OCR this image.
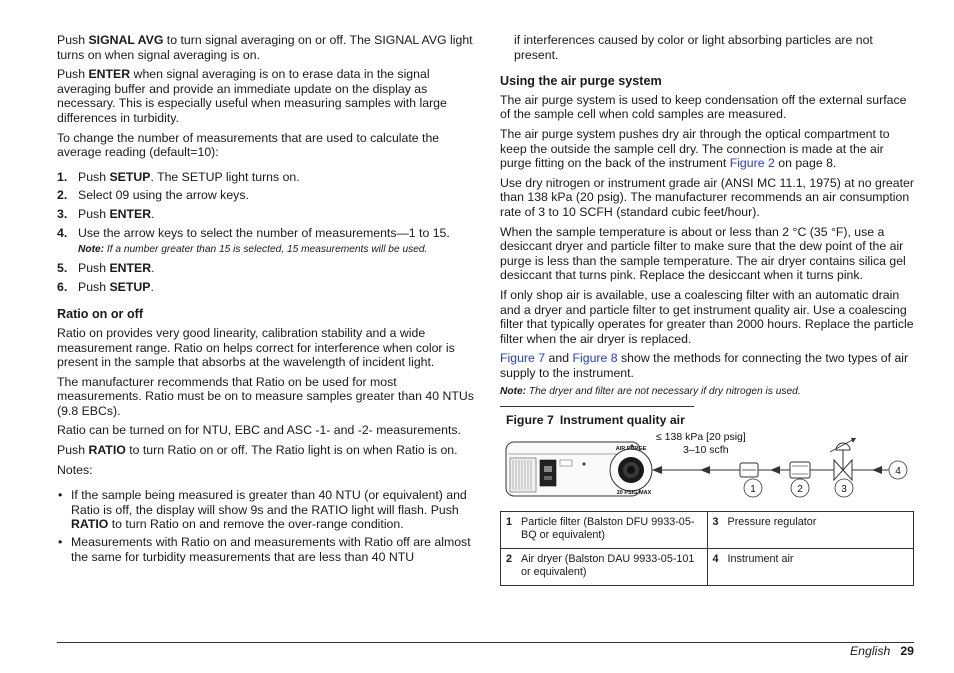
Push SIGNAL AVG to turn signal averaging on or off. The SIGNAL AVG light turns on when signal averaging is on.

Push ENTER when signal averaging is on to erase data in the signal averaging buffer and provide an immediate update on the display as necessary. This is especially useful when measuring samples with large differences in turbidity.

To change the number of measurements that are used to calculate the average reading (default=10):

1. Push SETUP. The SETUP light turns on.
2. Select 09 using the arrow keys.
3. Push ENTER.
4. Use the arrow keys to select the number of measurements—1 to 15.

Note: If a number greater than 15 is selected, 15 measurements will be used.

5. Push ENTER.
6. Push SETUP.

Ratio on or off

Ratio on provides very good linearity, calibration stability and a wide measurement range. Ratio on helps correct for interference when color is present in the sample that absorbs at the wavelength of incident light.

The manufacturer recommends that Ratio on be used for most measurements. Ratio must be on to measure samples greater than 40 NTUs (9.8 EBCs).

Ratio can be turned on for NTU, EBC and ASC -1- and -2- measurements.

Push RATIO to turn Ratio on or off. The Ratio light is on when Ratio is on.

Notes:

• If the sample being measured is greater than 40 NTU (or equivalent) and Ratio is off, the display will show 9s and the RATIO light will flash. Push RATIO to turn Ratio on and remove the over-range condition.
• Measurements with Ratio on and measurements with Ratio off are almost the same for turbidity measurements that are less than 40 NTU

if interferences caused by color or light absorbing particles are not present.

Using the air purge system

The air purge system is used to keep condensation off the external surface of the sample cell when cold samples are measured.

The air purge system pushes dry air through the optical compartment to keep the outside the sample cell dry. The connection is made at the air purge fitting on the back of the instrument Figure 2 on page 8.

Use dry nitrogen or instrument grade air (ANSI MC 11.1, 1975) at no greater than 138 kPa (20 psig). The manufacturer recommends an air consumption rate of 3 to 10 SCFH (standard cubic feet/hour).

When the sample temperature is about or less than 2 °C (35 °F), use a desiccant dryer and particle filter to make sure that the dew point of the air purge is less than the sample temperature. The air dryer contains silica gel desiccant that turns pink. Replace the desiccant when it turns pink.

If only shop air is available, use a coalescing filter with an automatic drain and a dryer and particle filter to get instrument quality air. Use a coalescing filter that typically operates for greater than 2000 hours. Replace the particle filter when the air dryer is replaced.

Figure 7 and Figure 8 show the methods for connecting the two types of air supply to the instrument.

Note: The dryer and filter are not necessary if dry nitrogen is used.

Figure 7 Instrument quality air

AIR PURGE
20 PSIG MAX
≤ 138 kPa [20 psig]
3–10 scfh
1	2	3
4
1 Particle filter (Balston DFU 9933-05-BQ or equivalent)	3 Pressure regulator
2 Air dryer (Balston DAU 9933-05-101 or equivalent)	4 Instrument air
English 29
